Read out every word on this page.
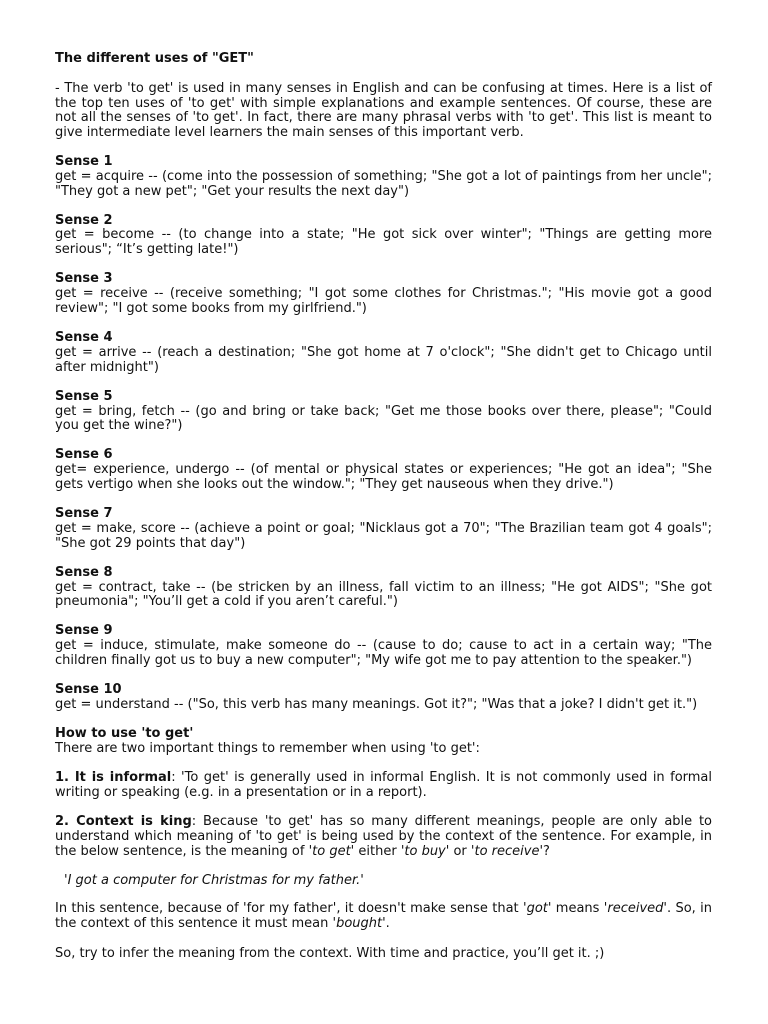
The different uses of "GET"

- The verb 'to get' is used in many senses in English and can be confusing at times. Here is a list of the top ten uses of 'to get' with simple explanations and example sentences. Of course, these are not all the senses of 'to get'. In fact, there are many phrasal verbs with 'to get'. This list is meant to give intermediate level learners the main senses of this important verb.

Sense 1

get = acquire -- (come into the possession of something; "She got a lot of paintings from her uncle"; "They got a new pet"; "Get your results the next day")

Sense 2

get = become -- (to change into a state; "He got sick over winter"; "Things are getting more serious"; “It’s getting late!")

Sense 3

get = receive -- (receive something; "I got some clothes for Christmas."; "His movie got a good review"; "I got some books from my girlfriend.")

Sense 4

get = arrive -- (reach a destination; "She got home at 7 o'clock"; "She didn't get to Chicago until after midnight")

Sense 5

get = bring, fetch -- (go and bring or take back; "Get me those books over there, please"; "Could you get the wine?")

Sense 6

get= experience, undergo -- (of mental or physical states or experiences; "He got an idea"; "She gets vertigo when she looks out the window."; "They get nauseous when they drive.")

Sense 7

get = make, score -- (achieve a point or goal; "Nicklaus got a 70"; "The Brazilian team got 4 goals"; "She got 29 points that day")

Sense 8

get = contract, take -- (be stricken by an illness, fall victim to an illness; "He got AIDS"; "She got pneumonia"; "You’ll get a cold if you aren’t careful.")

Sense 9

get = induce, stimulate, make someone do -- (cause to do; cause to act in a certain way; "The children finally got us to buy a new computer"; "My wife got me to pay attention to the speaker.")

Sense 10

get = understand -- ("So, this verb has many meanings. Got it?"; "Was that a joke? I didn't get it.")

How to use 'to get'

There are two important things to remember when using 'to get':

1. It is informal: 'To get' is generally used in informal English. It is not commonly used in formal writing or speaking (e.g. in a presentation or in a report).

2. Context is king: Because 'to get' has so many different meanings, people are only able to understand which meaning of 'to get' is being used by the context of the sentence. For example, in the below sentence, is the meaning of 'to get' either 'to buy' or 'to receive'?

'I got a computer for Christmas for my father.'

In this sentence, because of 'for my father', it doesn't make sense that 'got' means 'received'. So, in the context of this sentence it must mean 'bought'.

So, try to infer the meaning from the context. With time and practice, you’ll get it. ;)
